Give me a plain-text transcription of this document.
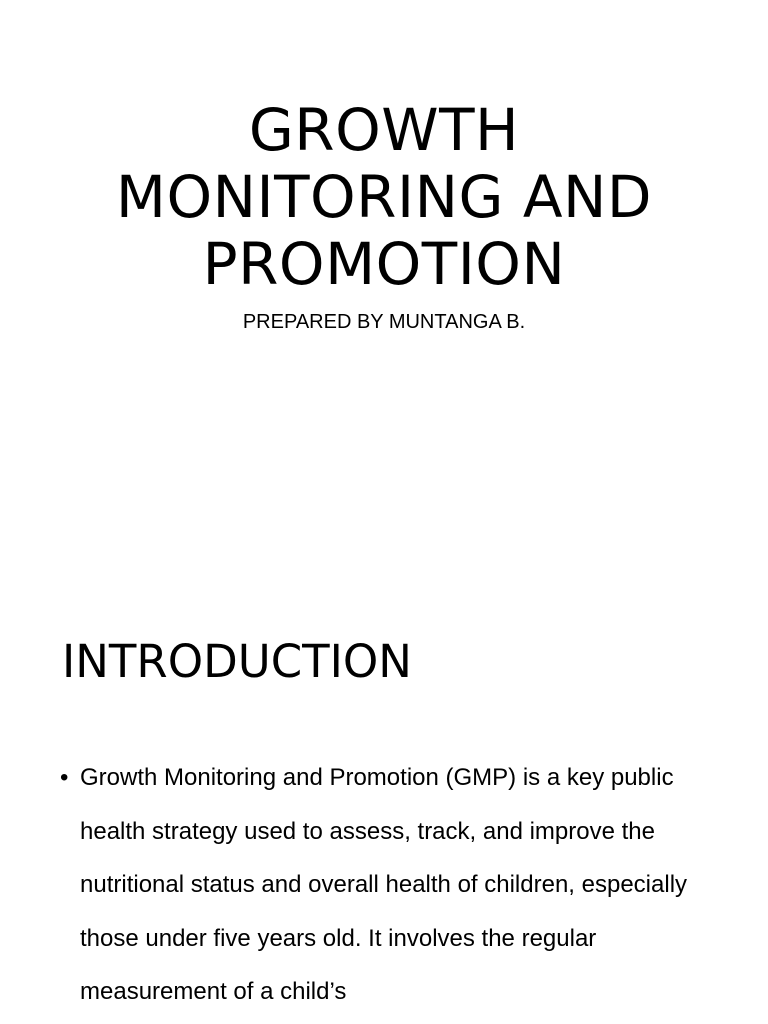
GROWTH
MONITORING AND
PROMOTION

PREPARED BY MUNTANGA B.

INTRODUCTION
• Growth Monitoring and Promotion (GMP) is a key public health strategy used to assess, track, and improve the nutritional status and overall health of children, especially those under five years old. It involves the regular measurement of a child’s
